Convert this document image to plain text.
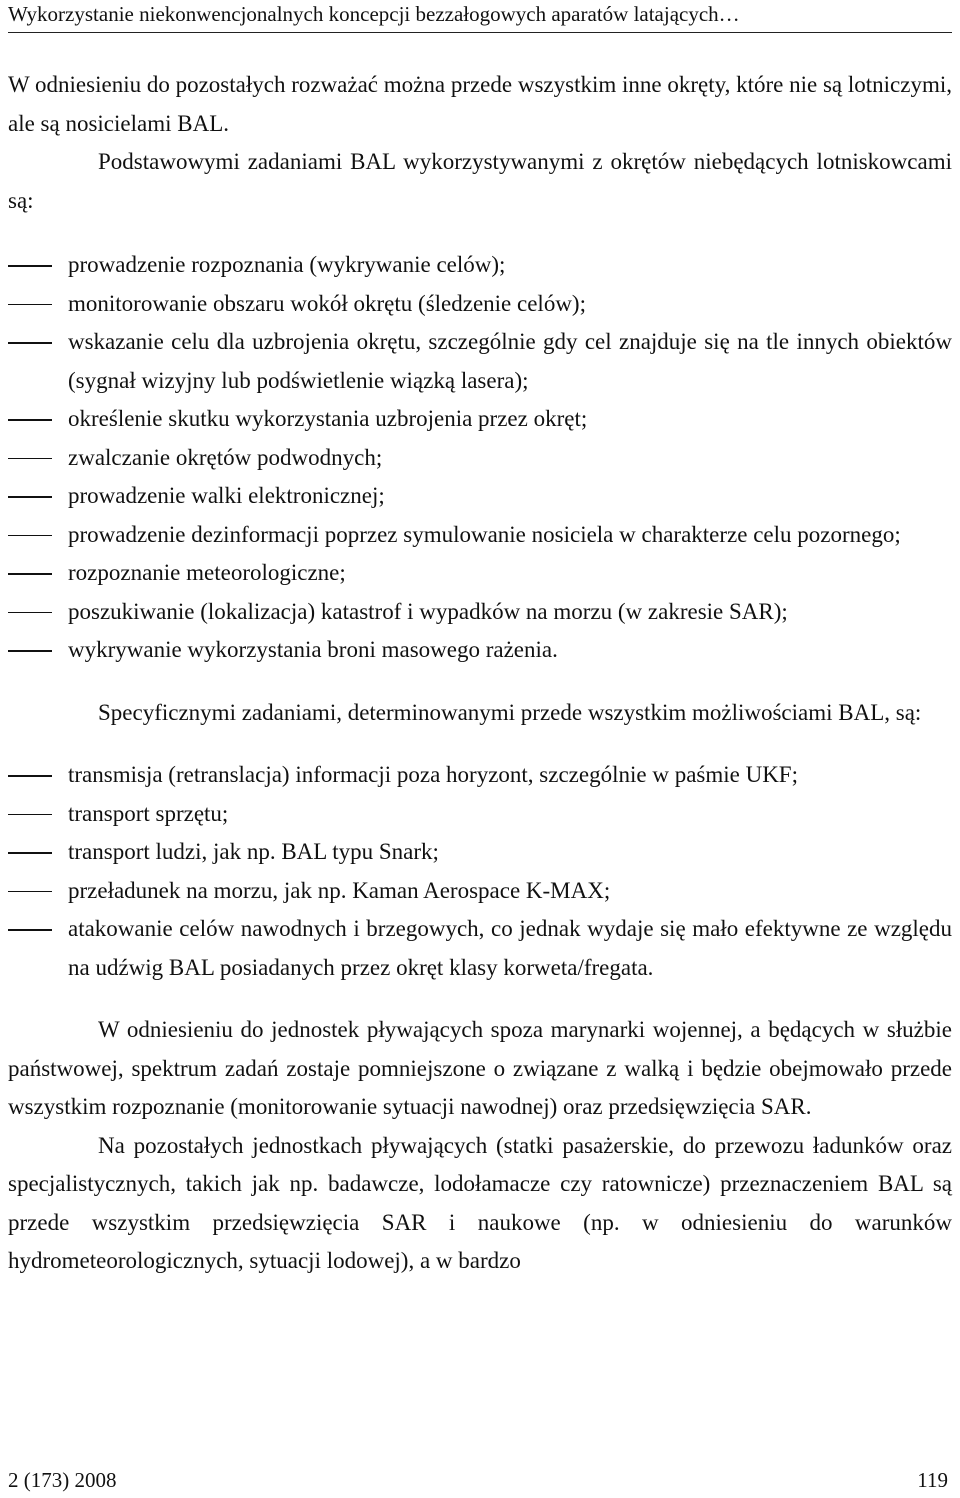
Wykorzystanie niekonwencjonalnych koncepcji bezzałogowych aparatów latających…

W odniesieniu do pozostałych rozważać można przede wszystkim inne okręty, które nie są lotniczymi, ale są nosicielami BAL.

Podstawowymi zadaniami BAL wykorzystywanymi z okrętów niebędących lotniskowcami są:

prowadzenie rozpoznania (wykrywanie celów);
monitorowanie obszaru wokół okrętu (śledzenie celów);
wskazanie celu dla uzbrojenia okrętu, szczególnie gdy cel znajduje się na tle innych obiektów (sygnał wizyjny lub podświetlenie wiązką lasera);
określenie skutku wykorzystania uzbrojenia przez okręt;
zwalczanie okrętów podwodnych;
prowadzenie walki elektronicznej;
prowadzenie dezinformacji poprzez symulowanie nosiciela w charakterze celu pozornego;
rozpoznanie meteorologiczne;
poszukiwanie (lokalizacja) katastrof i wypadków na morzu (w zakresie SAR);
wykrywanie wykorzystania broni masowego rażenia.

Specyficznymi zadaniami, determinowanymi przede wszystkim możliwościami BAL, są:

transmisja (retranslacja) informacji poza horyzont, szczególnie w paśmie UKF;
transport sprzętu;
transport ludzi, jak np. BAL typu Snark;
przeładunek na morzu, jak np. Kaman Aerospace K-MAX;
atakowanie celów nawodnych i brzegowych, co jednak wydaje się mało efektywne ze względu na udźwig BAL posiadanych przez okręt klasy korweta/fregata.

W odniesieniu do jednostek pływających spoza marynarki wojennej, a będących w służbie państwowej, spektrum zadań zostaje pomniejszone o związane z walką i będzie obejmowało przede wszystkim rozpoznanie (monitorowanie sytuacji nawodnej) oraz przedsięwzięcia SAR.

Na pozostałych jednostkach pływających (statki pasażerskie, do przewozu ładunków oraz specjalistycznych, takich jak np. badawcze, lodołamacze czy ratownicze) przeznaczeniem BAL są przede wszystkim przedsięwzięcia SAR i naukowe (np. w odniesieniu do warunków hydrometeorologicznych, sytuacji lodowej), a w bardzo

2 (173) 2008	119
